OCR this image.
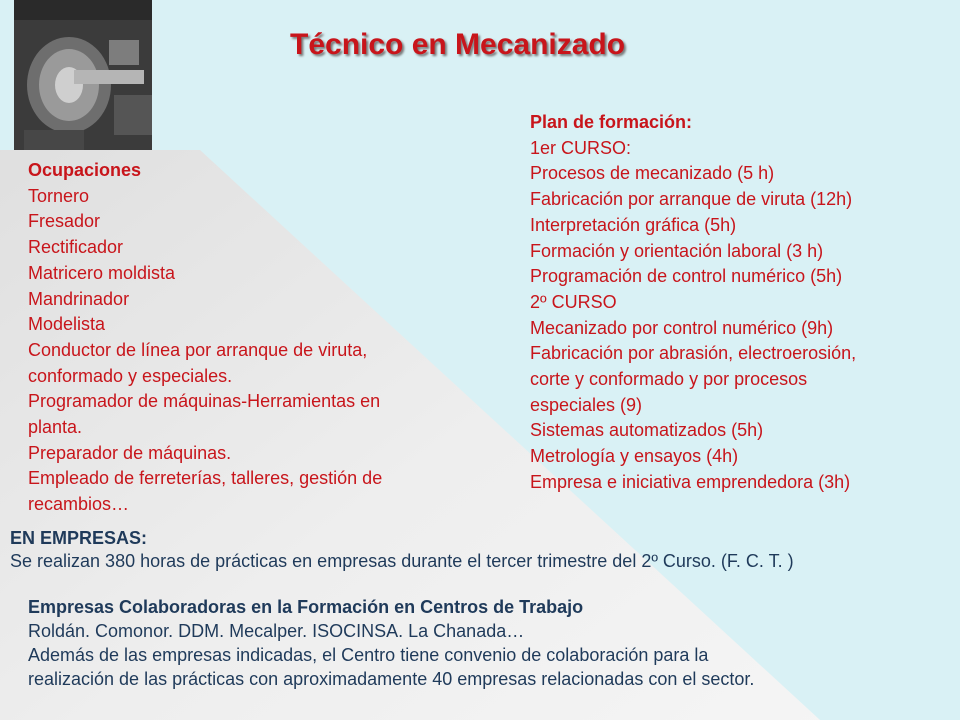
Técnico en Mecanizado
Ocupaciones
Tornero
Fresador
Rectificador
Matricero moldista
Mandrinador
Modelista
Conductor de línea por arranque de viruta,
conformado y especiales.
Programador de máquinas-Herramientas en
planta.
Preparador de máquinas.
Empleado de ferreterías, talleres, gestión de
recambios…
Plan de formación:
1er CURSO:
Procesos de mecanizado (5 h)
Fabricación por arranque de viruta (12h)
Interpretación gráfica (5h)
Formación y orientación laboral (3 h)
Programación de control numérico (5h)
2º CURSO
Mecanizado por control numérico (9h)
Fabricación por abrasión, electroerosión,
corte y conformado y por procesos
especiales (9)
Sistemas automatizados (5h)
Metrología y ensayos (4h)
Empresa e iniciativa emprendedora (3h)
EN EMPRESAS:
Se realizan 380 horas de prácticas en empresas durante el tercer trimestre del 2º Curso. (F. C. T. )
Empresas Colaboradoras en la Formación en Centros de Trabajo
Roldán. Comonor. DDM. Mecalper. ISOCINSA. La Chanada…
Además de las empresas indicadas, el Centro tiene convenio de colaboración para la
realización de las prácticas con aproximadamente 40 empresas relacionadas con el sector.
